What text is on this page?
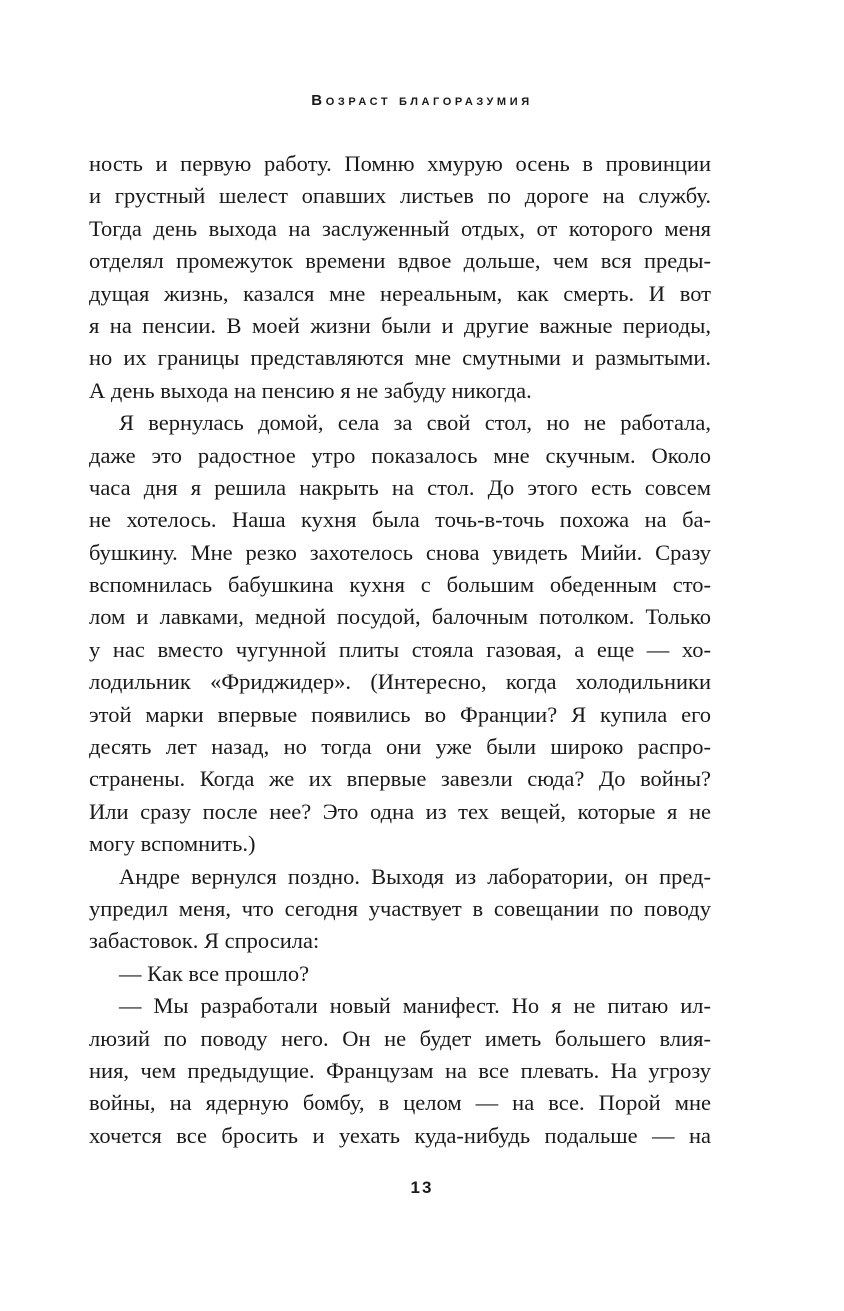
Возраст благоразумия
ность и первую работу. Помню хмурую осень в провинции
и грустный шелест опавших листьев по дороге на службу.
Тогда день выхода на заслуженный отдых, от которого меня
отделял промежуток времени вдвое дольше, чем вся преды-
дущая жизнь, казался мне нереальным, как смерть. И вот
я на пенсии. В моей жизни были и другие важные периоды,
но их границы представляются мне смутными и размытыми.
А день выхода на пенсию я не забуду никогда.
Я вернулась домой, села за свой стол, но не работала,
даже это радостное утро показалось мне скучным. Около
часа дня я решила накрыть на стол. До этого есть совсем
не хотелось. Наша кухня была точь-в-точь похожа на ба-
бушкину. Мне резко захотелось снова увидеть Мийи. Сразу
вспомнилась бабушкина кухня с большим обеденным сто-
лом и лавками, медной посудой, балочным потолком. Только
у нас вместо чугунной плиты стояла газовая, а еще — хо-
лодильник «Фриджидер». (Интересно, когда холодильники
этой марки впервые появились во Франции? Я купила его
десять лет назад, но тогда они уже были широко распро-
странены. Когда же их впервые завезли сюда? До войны?
Или сразу после нее? Это одна из тех вещей, которые я не
могу вспомнить.)
Андре вернулся поздно. Выходя из лаборатории, он пред-
упредил меня, что сегодня участвует в совещании по поводу
забастовок. Я спросила:
— Как все прошло?
— Мы разработали новый манифест. Но я не питаю ил-
люзий по поводу него. Он не будет иметь большего влия-
ния, чем предыдущие. Французам на все плевать. На угрозу
войны, на ядерную бомбу, в целом — на все. Порой мне
хочется все бросить и уехать куда-нибудь подальше — на
13
